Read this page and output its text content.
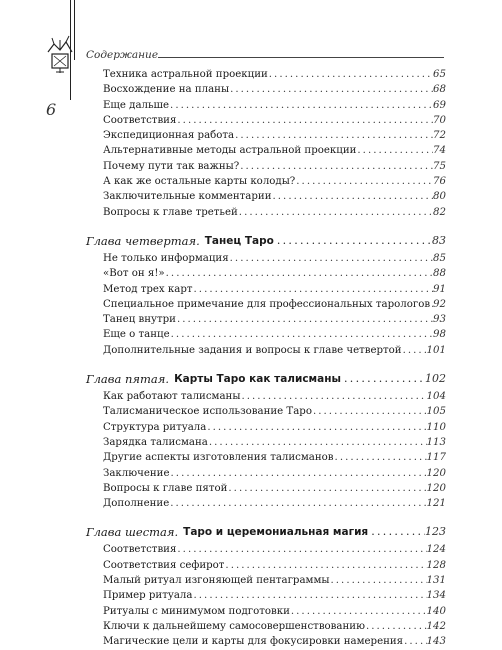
Содержание
6
Техника астральной проекции . . .	65
Восхождение на планы . . .	68
Еще дальше . . .	69
Соответствия . . .	70
Экспедиционная работа . . .	72
Альтернативные методы астральной проекции . . .	74
Почему пути так важны? . . .	75
А как же остальные карты колоды? . . .	76
Заключительные комментарии . . .	80
Вопросы к главе третьей . . .	82
Глава четвертая. Танец Таро . . .	83
Не только информация . . .	85
«Вот он я!» . . .	88
Метод трех карт . . .	91
Специальное примечание для профессиональных тарологов . . . 92
Танец внутри . . .	93
Еще о танце . . .	98
Дополнительные задания и вопросы к главе четвертой . . . 101
Глава пятая. Карты Таро как талисманы . . .	102
Как работают талисманы . . .	104
Талисманическое использование Таро . . .	105
Структура ритуала . . .	110
Зарядка талисмана . . .	113
Другие аспекты изготовления талисманов . . .	117
Заключение . . .	120
Вопросы к главе пятой . . .	120
Дополнение . . .	121
Глава шестая. Таро и церемониальная магия . . .	123
Соответствия . . .	124
Соответствия сефирот . . .	128
Малый ритуал изгоняющей пентаграммы . . .	131
Пример ритуала . . .	134
Ритуалы с минимумом подготовки . . .	140
Ключи к дальнейшему самосовершенствованию . . .	142
Магические цели и карты для фокусировки намерения . . . 143
